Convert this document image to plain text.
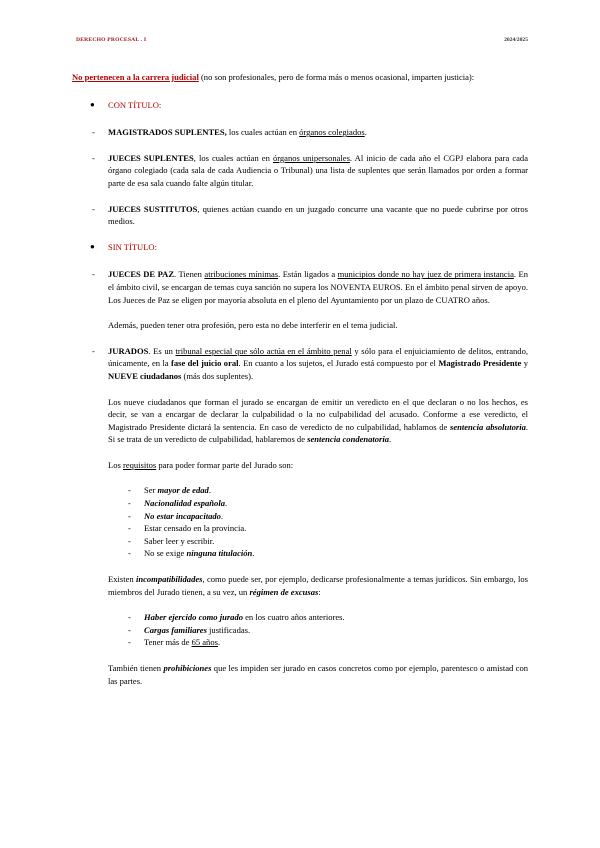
DERECHO PROCESAL . I	2024/2025

No pertenecen a la carrera judicial (no son profesionales, pero de forma más o menos ocasional, imparten justicia):

● CON TÍTULO:
- MAGISTRADOS SUPLENTES, los cuales actúan en órganos colegiados.

- JUECES SUPLENTES, los cuales actúan en órganos unipersonales. Al inicio de cada año el CGPJ elabora para cada órgano colegiado (cada sala de cada Audiencia o Tribunal) una lista de suplentes que serán llamados por orden a formar parte de esa sala cuando falte algún titular.

- JUECES SUSTITUTOS, quienes actúan cuando en un juzgado concurre una vacante que no puede cubrirse por otros medios.

● SIN TÍTULO:
- JUECES DE PAZ. Tienen atribuciones mínimas. Están ligados a municipios donde no hay juez de primera instancia. En el ámbito civil, se encargan de temas cuya sanción no supera los NOVENTA EUROS. En el ámbito penal sirven de apoyo. Los Jueces de Paz se eligen por mayoría absoluta en el pleno del Ayuntamiento por un plazo de CUATRO años.

Además, pueden tener otra profesión, pero esta no debe interferir en el tema judicial.

- JURADOS. Es un tribunal especial que sólo actúa en el ámbito penal y sólo para el enjuiciamiento de delitos, entrando, únicamente, en la fase del juicio oral. En cuanto a los sujetos, el Jurado está compuesto por el Magistrado Presidente y NUEVE ciudadanos (más dos suplentes).

Los nueve ciudadanos que forman el jurado se encargan de emitir un veredicto en el que declaran o no los hechos, es decir, se van a encargar de declarar la culpabilidad o la no culpabilidad del acusado. Conforme a ese veredicto, el Magistrado Presidente dictará la sentencia. En caso de veredicto de no culpabilidad, hablamos de sentencia absolutoria. Si se trata de un veredicto de culpabilidad, hablaremos de sentencia condenatoria.

Los requisitos para poder formar parte del Jurado son:

- Ser mayor de edad.
- Nacionalidad española.
- No estar incapacitado.
- Estar censado en la provincia.
- Saber leer y escribir.
- No se exige ninguna titulación.

Existen incompatibilidades, como puede ser, por ejemplo, dedicarse profesionalmente a temas jurídicos. Sin embargo, los miembros del Jurado tienen, a su vez, un régimen de excusas:

- Haber ejercido como jurado en los cuatro años anteriores.
- Cargas familiares justificadas.
- Tener más de 65 años.

También tienen prohibiciones que les impiden ser jurado en casos concretos como por ejemplo, parentesco o amistad con las partes.
